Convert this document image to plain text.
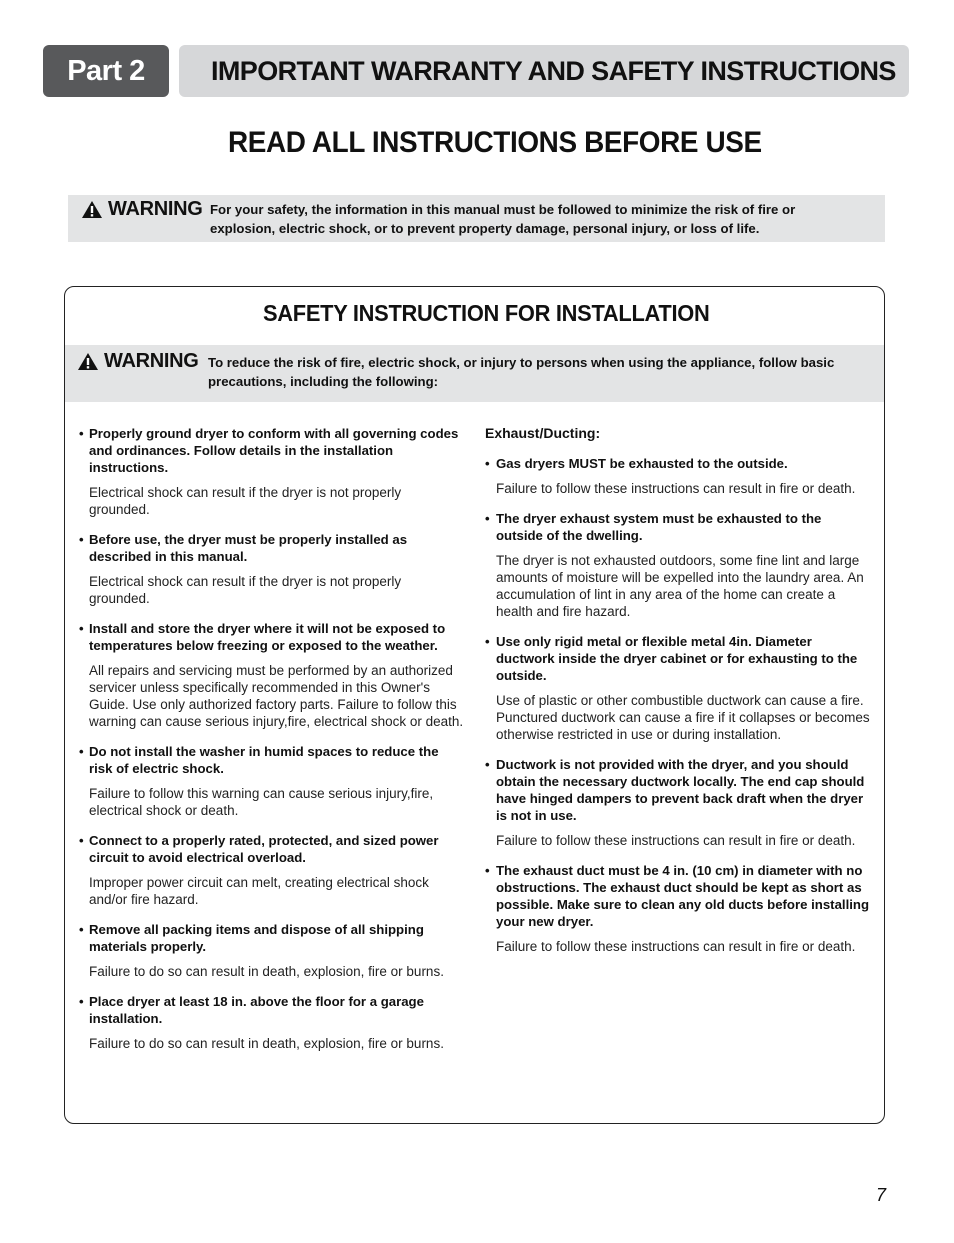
Part 2 IMPORTANT WARRANTY AND SAFETY INSTRUCTIONS
READ ALL INSTRUCTIONS BEFORE USE
WARNING For your safety, the information in this manual must be followed to minimize the risk of fire or explosion, electric shock, or to prevent property damage, personal injury, or loss of life.
SAFETY INSTRUCTION FOR INSTALLATION
WARNING To reduce the risk of fire, electric shock, or injury to persons when using the appliance, follow basic precautions, including the following:
• Properly ground dryer to conform with all governing codes and ordinances. Follow details in the installation instructions.
Electrical shock can result if the dryer is not properly grounded.
• Before use, the dryer must be properly installed as described in this manual.
Electrical shock can result if the dryer is not properly grounded.
• Install and store the dryer where it will not be exposed to temperatures below freezing or exposed to the weather.
All repairs and servicing must be performed by an authorized servicer unless specifically recommended in this Owner's Guide. Use only authorized factory parts. Failure to follow this warning can cause serious injury,fire, electrical shock or death.
• Do not install the washer in humid spaces to reduce the risk of electric shock.
Failure to follow this warning can cause serious injury,fire, electrical shock or death.
• Connect to a properly rated, protected, and sized power circuit to avoid electrical overload.
Improper power circuit can melt, creating electrical shock and/or fire hazard.
• Remove all packing items and dispose of all shipping materials properly.
Failure to do so can result in death, explosion, fire or burns.
• Place dryer at least 18 in. above the floor for a garage installation.
Failure to do so can result in death, explosion, fire or burns.
Exhaust/Ducting:
• Gas dryers MUST be exhausted to the outside.
Failure to follow these instructions can result in fire or death.
• The dryer exhaust system must be exhausted to the outside of the dwelling.
The dryer is not exhausted outdoors, some fine lint and large amounts of moisture will be expelled into the laundry area. An accumulation of lint in any area of the home can create a health and fire hazard.
• Use only rigid metal or flexible metal 4in. Diameter ductwork inside the dryer cabinet or for exhausting to the outside.
Use of plastic or other combustible ductwork can cause a fire. Punctured ductwork can cause a fire if it collapses or becomes otherwise restricted in use or during installation.
• Ductwork is not provided with the dryer, and you should obtain the necessary ductwork locally. The end cap should have hinged dampers to prevent back draft when the dryer is not in use.
Failure to follow these instructions can result in fire or death.
• The exhaust duct must be 4 in. (10 cm) in diameter with no obstructions. The exhaust duct should be kept as short as possible. Make sure to clean any old ducts before installing your new dryer.
Failure to follow these instructions can result in fire or death.
7
